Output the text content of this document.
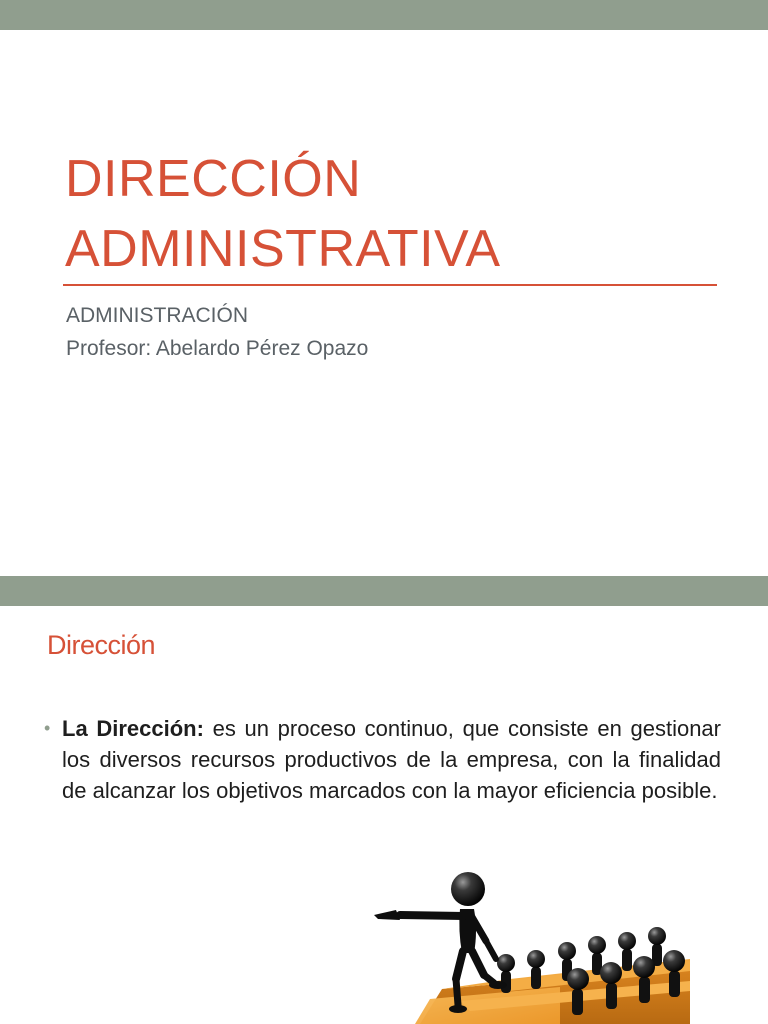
DIRECCIÓN
ADMINISTRATIVA
ADMINISTRACIÓN
Profesor: Abelardo Pérez Opazo
Dirección
• La Dirección: es un proceso continuo, que consiste en gestionar los diversos recursos productivos de la empresa, con la finalidad de alcanzar los objetivos marcados con la mayor eficiencia posible.
